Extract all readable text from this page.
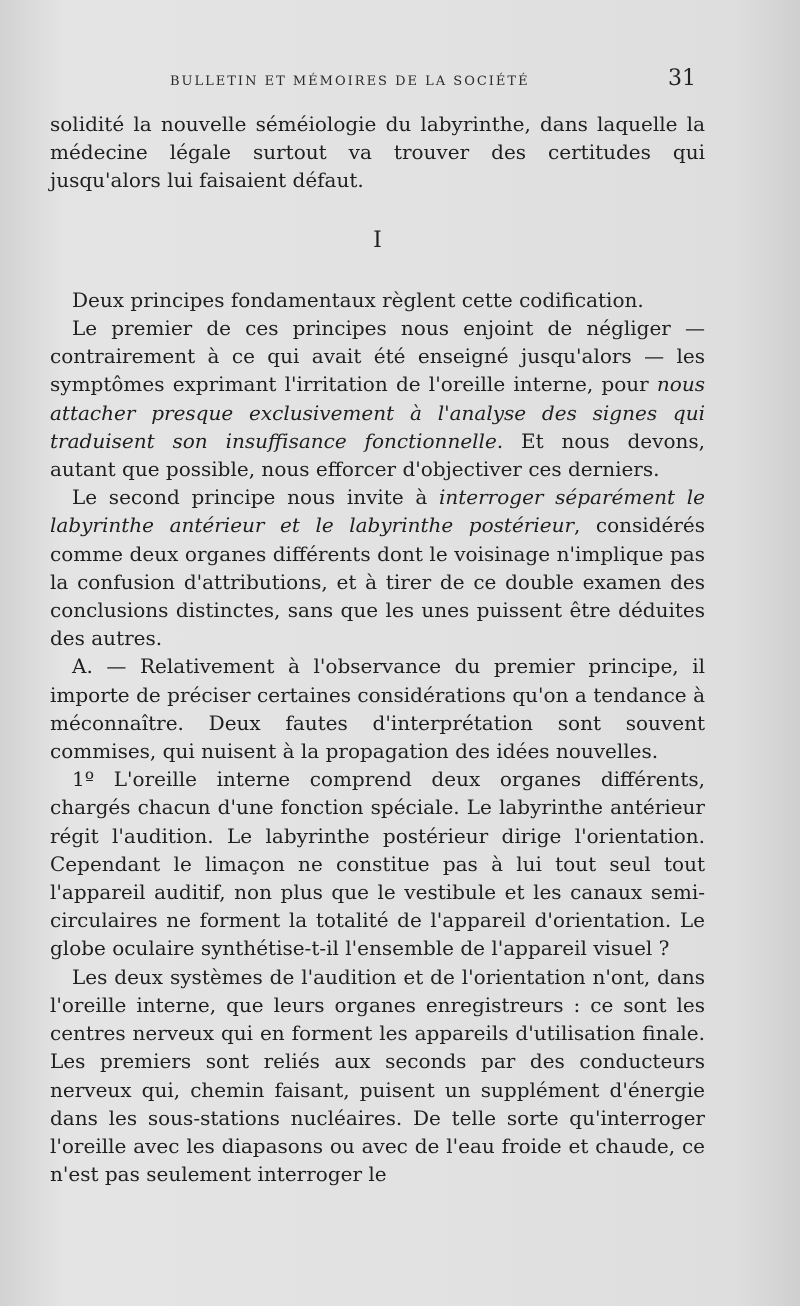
BULLETIN ET MÉMOIRES DE LA SOCIÉTÉ	31

solidité la nouvelle séméiologie du labyrinthe, dans laquelle la médecine légale surtout va trouver des certitudes qui jusqu'alors lui faisaient défaut.

I

Deux principes fondamentaux règlent cette codification.

Le premier de ces principes nous enjoint de négliger — contrairement à ce qui avait été enseigné jusqu'alors — les symptômes exprimant l'irritation de l'oreille interne, pour nous attacher presque exclusivement à l'analyse des signes qui traduisent son insuffisance fonctionnelle. Et nous devons, autant que possible, nous efforcer d'objectiver ces derniers.

Le second principe nous invite à interroger séparément le labyrinthe antérieur et le labyrinthe postérieur, considérés comme deux organes différents dont le voisinage n'implique pas la confusion d'attributions, et à tirer de ce double examen des conclusions distinctes, sans que les unes puissent être déduites des autres.

A. — Relativement à l'observance du premier principe, il importe de préciser certaines considérations qu'on a tendance à méconnaître. Deux fautes d'interprétation sont souvent commises, qui nuisent à la propagation des idées nouvelles.

1º L'oreille interne comprend deux organes différents, chargés chacun d'une fonction spéciale. Le labyrinthe antérieur régit l'audition. Le labyrinthe postérieur dirige l'orientation. Cependant le limaçon ne constitue pas à lui tout seul tout l'appareil auditif, non plus que le vestibule et les canaux semi-circulaires ne forment la totalité de l'appareil d'orientation. Le globe oculaire synthétise-t-il l'ensemble de l'appareil visuel ?

Les deux systèmes de l'audition et de l'orientation n'ont, dans l'oreille interne, que leurs organes enregistreurs : ce sont les centres nerveux qui en forment les appareils d'utilisation finale. Les premiers sont reliés aux seconds par des conducteurs nerveux qui, chemin faisant, puisent un supplément d'énergie dans les sous-stations nucléaires. De telle sorte qu'interroger l'oreille avec les diapasons ou avec de l'eau froide et chaude, ce n'est pas seulement interroger le
